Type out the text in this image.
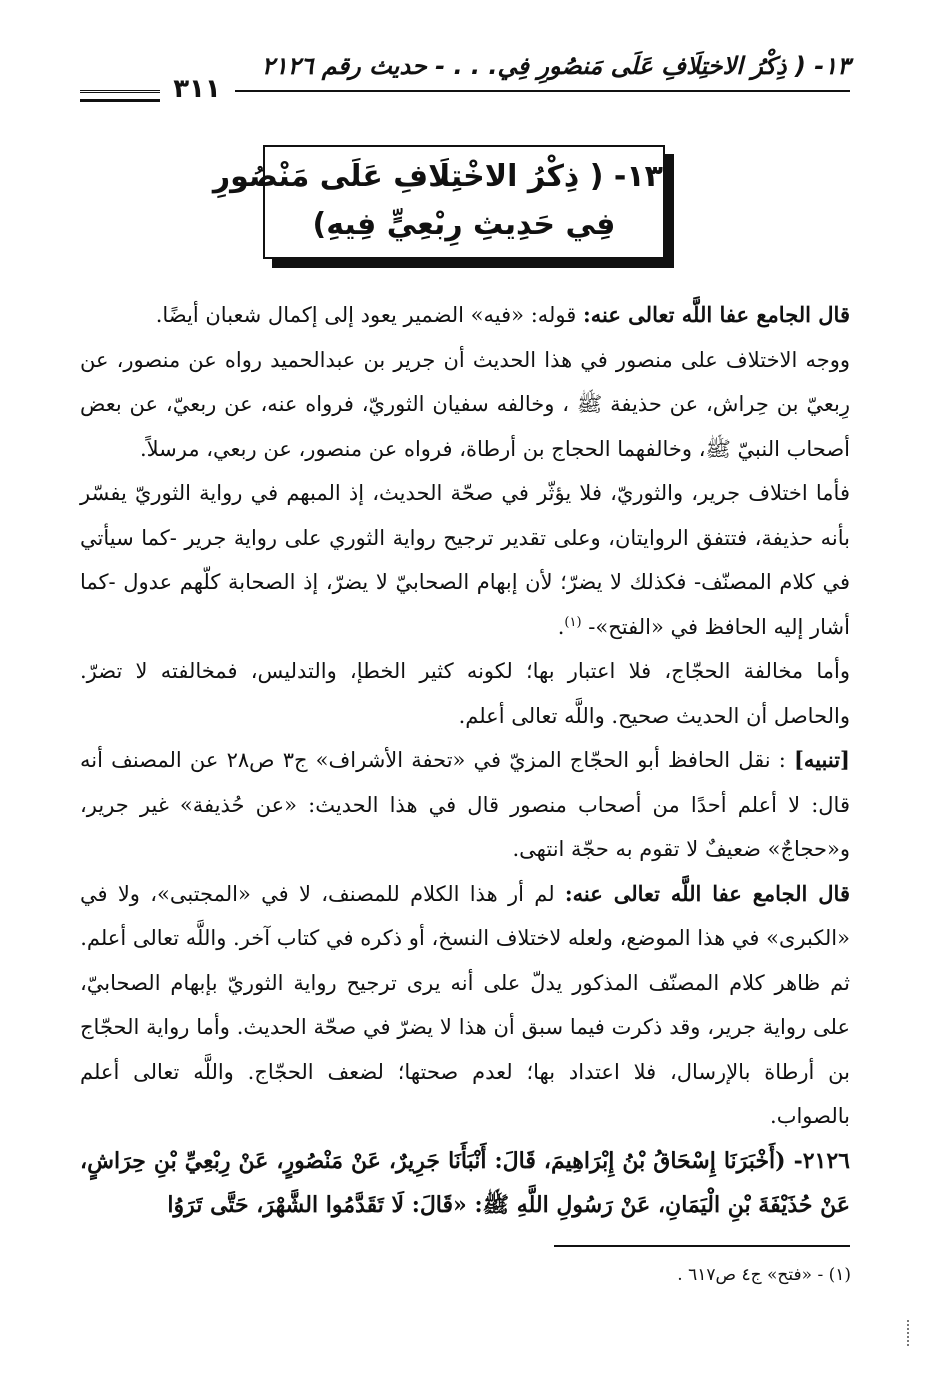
١٣- ( ذِكْرُ الاختِلَافِ عَلَى مَنصُورِ فِي. . . - حديث رقم ٢١٢٦
٣١١
١٣- ( ذِكْرُ الاخْتِلَافِ عَلَى مَنْصُورِ
فِي حَدِيثِ رِبْعِيٍّ فِيهِ)

قال الجامع عفا اللَّه تعالى عنه: قوله: «فيه» الضمير يعود إلى إكمال شعبان أيضًا.

ووجه الاختلاف على منصور في هذا الحديث أن جرير بن عبدالحميد رواه عن منصور، عن رِبعيّ بن حِراش، عن حذيفة ﷺ ، وخالفه سفيان الثوريّ، فرواه عنه، عن ربعيّ، عن بعض أصحاب النبيّ ﷺ، وخالفهما الحجاج بن أرطاة، فرواه عن منصور، عن ربعي، مرسلاً.

فأما اختلاف جرير، والثوريّ، فلا يؤثّر في صحّة الحديث، إذ المبهم في رواية الثوريّ يفسّر بأنه حذيفة، فتتفق الروايتان، وعلى تقدير ترجيح رواية الثوري على رواية جرير -كما سيأتي في كلام المصنّف- فكذلك لا يضرّ؛ لأن إبهام الصحابيّ لا يضرّ، إذ الصحابة كلّهم عدول -كما أشار إليه الحافظ في «الفتح»- $^{(١)}$.

وأما مخالفة الحجّاج، فلا اعتبار بها؛ لكونه كثير الخطإ، والتدليس، فمخالفته لا تضرّ. والحاصل أن الحديث صحيح. واللَّه تعالى أعلم.

[تنبيه] : نقل الحافظ أبو الحجّاج المزيّ في «تحفة الأشراف» ج٣ ص٢٨ عن المصنف أنه قال: لا أعلم أحدًا من أصحاب منصور قال في هذا الحديث: «عن حُذيفة» غير جرير، و«حجاجٌ» ضعيفٌ لا تقوم به حجّة انتهى.

قال الجامع عفا اللَّه تعالى عنه: لم أر هذا الكلام للمصنف، لا في «المجتبى»، ولا في «الكبرى» في هذا الموضع، ولعله لاختلاف النسخ، أو ذكره في كتاب آخر. واللَّه تعالى أعلم.

ثم ظاهر كلام المصنّف المذكور يدلّ على أنه يرى ترجيح رواية الثوريّ بإبهام الصحابيّ، على رواية جرير، وقد ذكرت فيما سبق أن هذا لا يضرّ في صحّة الحديث. وأما رواية الحجّاج بن أرطاة بالإرسال، فلا اعتداد بها؛ لعدم صحتها؛ لضعف الحجّاج. واللَّه تعالى أعلم بالصواب.

٢١٢٦- (أَخْبَرَنَا إِسْحَاقُ بْنُ إِبْرَاهِيمَ، قَالَ: أَنْبَأَنَا جَرِيرٌ، عَنْ مَنْصُورٍ، عَنْ رِبْعِيِّ بْنِ حِرَاشٍ، عَنْ حُذَيْفَةَ بْنِ الْيَمَانِ، عَنْ رَسُولِ اللَّهِ ﷺ: «قَالَ: لَا تَقَدَّمُوا الشَّهْرَ، حَتَّى تَرَوُا

(١) - «فتح» ج٤ ص٦١٧ .
